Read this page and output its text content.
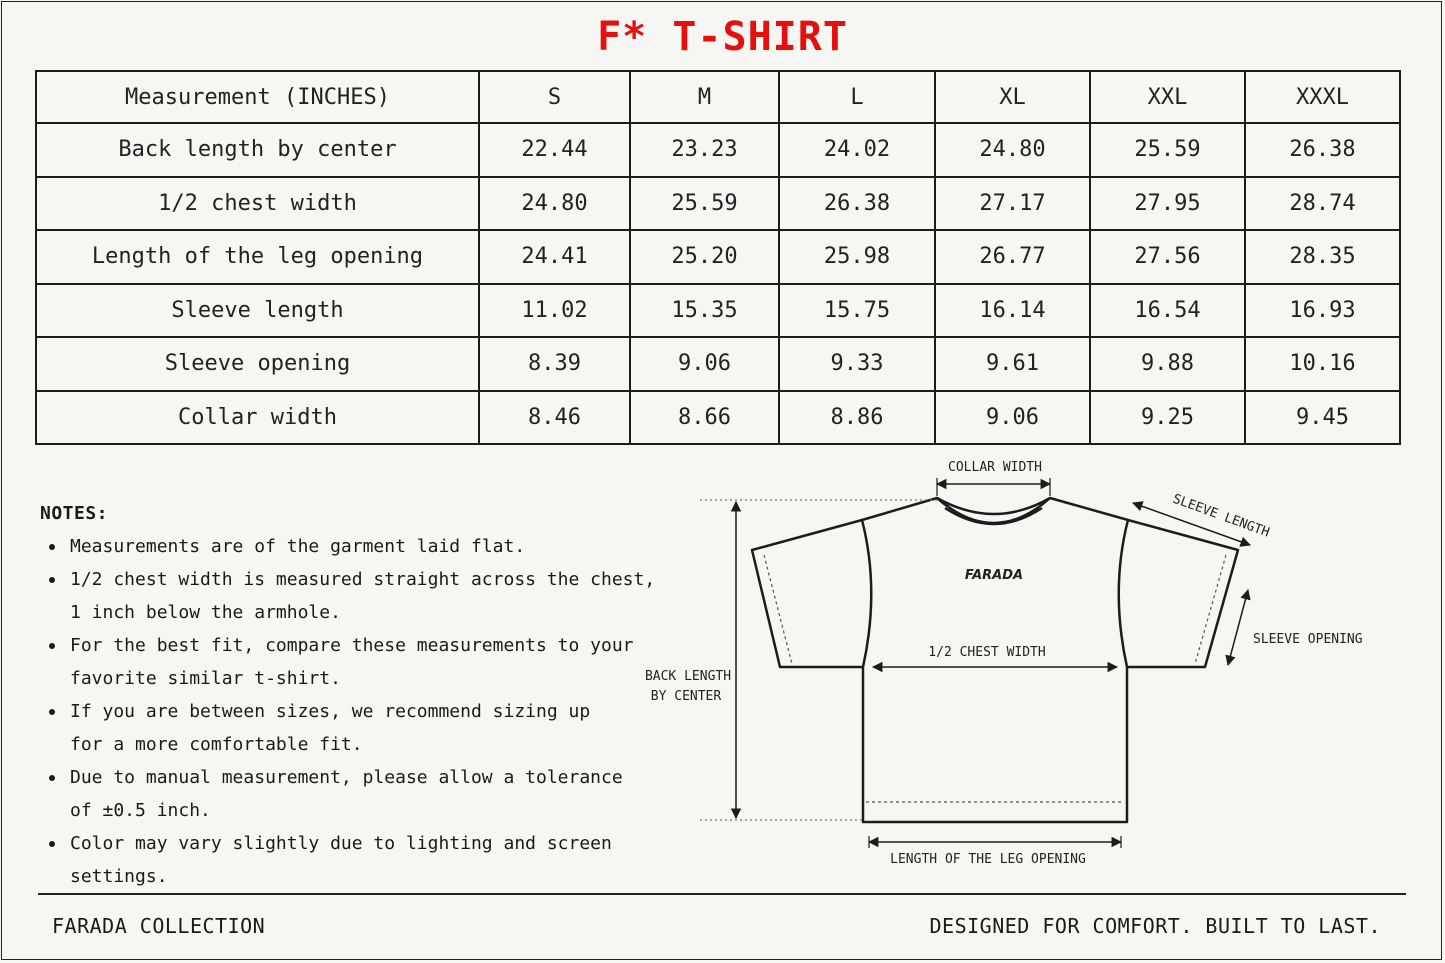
F* T-SHIRT
Measurement (INCHES)	S	M	L	XL	XXL	XXXL
Back length by center	22.44	23.23	24.02	24.80	25.59	26.38
1/2 chest width	24.80	25.59	26.38	27.17	27.95	28.74
Length of the leg opening	24.41	25.20	25.98	26.77	27.56	28.35
Sleeve length	11.02	15.35	15.75	16.14	16.54	16.93
Sleeve opening	8.39	9.06	9.33	9.61	9.88	10.16
Collar width	8.46	8.66	8.86	9.06	9.25	9.45
NOTES:
Measurements are of the garment laid flat.
1/2 chest width is measured straight across the chest,
1 inch below the armhole.
For the best fit, compare these measurements to your
favorite similar t-shirt.
If you are between sizes, we recommend sizing up
for a more comfortable fit.
Due to manual measurement, please allow a tolerance
of ±0.5 inch.
Color may vary slightly due to lighting and screen settings.
FARADA
COLLAR WIDTH
SLEEVE LENGTH
SLEEVE OPENING
1/2 CHEST WIDTH
BACK LENGTH
BY CENTER
LENGTH OF THE LEG OPENING
FARADA COLLECTION	DESIGNED FOR COMFORT. BUILT TO LAST.
